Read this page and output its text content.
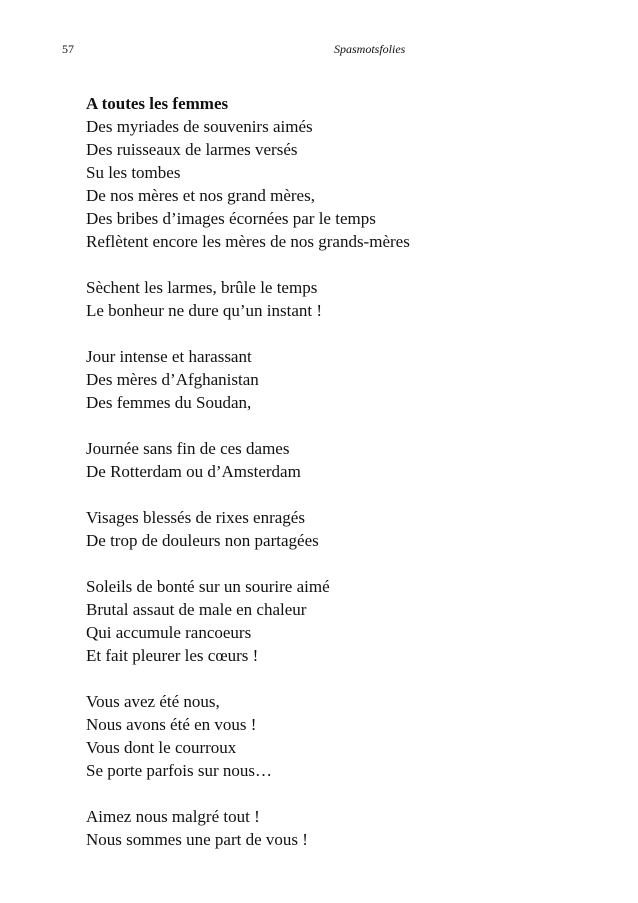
57	Spasmotsfolies
A toutes les femmes
Des myriades de souvenirs aimés
Des ruisseaux de larmes versés
Su les tombes
De nos mères et nos grand mères,
Des bribes d’images écornées par le temps
Reflètent encore les mères de nos grands-mères
Sèchent les larmes, brûle le temps
Le bonheur ne dure qu’un instant !
Jour intense et harassant
Des mères d’Afghanistan
Des femmes du Soudan,
Journée sans fin de ces dames
De Rotterdam ou d’Amsterdam
Visages blessés de rixes enragés
De trop de douleurs non partagées
Soleils de bonté sur un sourire aimé
Brutal assaut de male en chaleur
Qui accumule rancoeurs
Et fait pleurer les cœurs !
Vous avez été nous,
Nous avons été en vous !
Vous dont le courroux
Se porte parfois sur nous…
Aimez nous malgré tout !
Nous sommes une part de vous !
